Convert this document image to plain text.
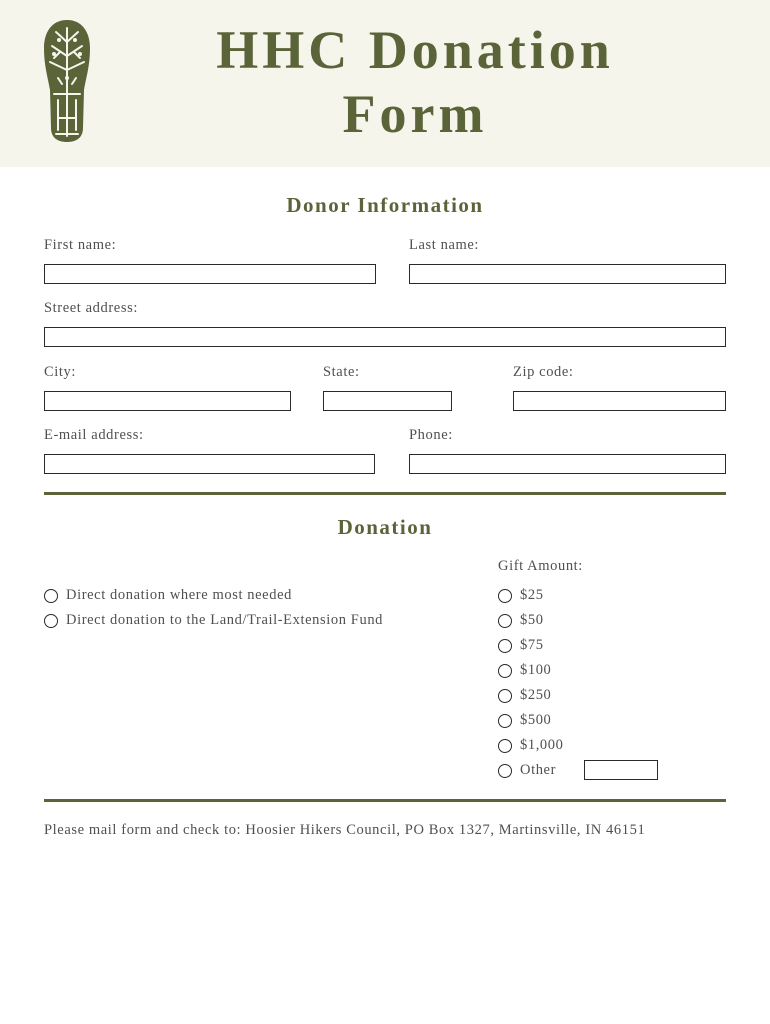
HHC Donation Form
Donor Information
First name:	Last name:
Street address:
City:	State:	Zip code:
E-mail address:	Phone:
Donation
Direct donation where most needed
Direct donation to the Land/Trail-Extension Fund
Gift Amount:
$25
$50
$75
$100
$250
$500
$1,000
Other
Please mail form and check to: Hoosier Hikers Council, PO Box 1327, Martinsville, IN 46151
